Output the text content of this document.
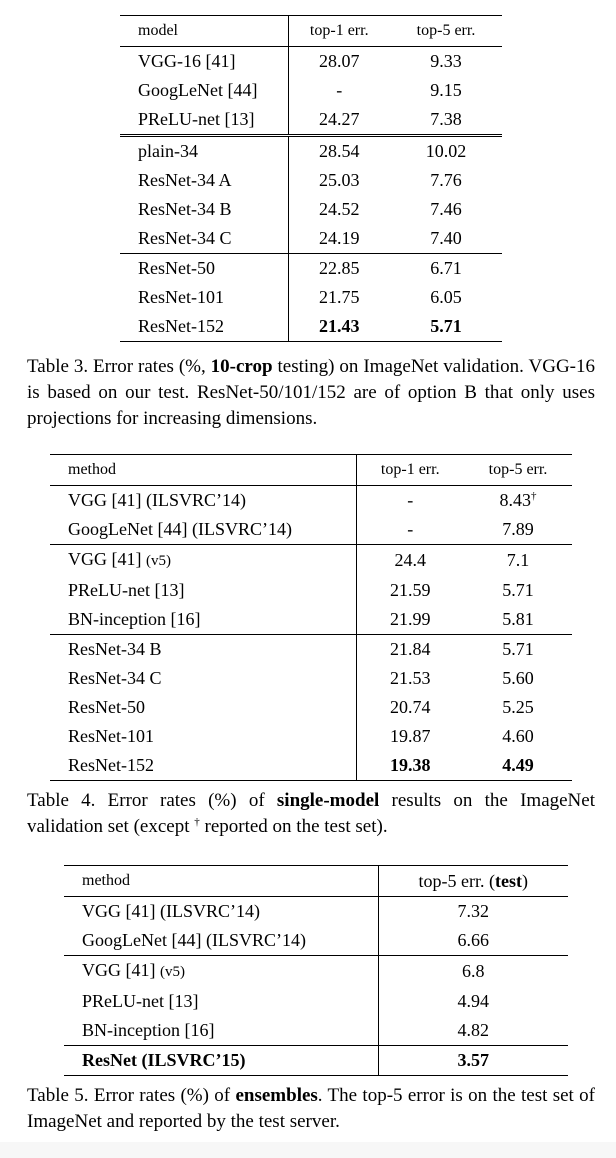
model	top-1 err.	top-5 err.
VGG-16 [41]	28.07	9.33
GoogLeNet [44]	-	9.15
PReLU-net [13]	24.27	7.38
plain-34	28.54	10.02
ResNet-34 A	25.03	7.76
ResNet-34 B	24.52	7.46
ResNet-34 C	24.19	7.40
ResNet-50	22.85	6.71
ResNet-101	21.75	6.05
ResNet-152	21.43	5.71
Table 3. Error rates (%, 10-crop testing) on ImageNet validation. VGG-16 is based on our test. ResNet-50/101/152 are of option B that only uses projections for increasing dimensions.
method	top-1 err.	top-5 err.
VGG [41] (ILSVRC’14)	-	8.43†
GoogLeNet [44] (ILSVRC’14)	-	7.89
VGG [41] (v5)	24.4	7.1
PReLU-net [13]	21.59	5.71
BN-inception [16]	21.99	5.81
ResNet-34 B	21.84	5.71
ResNet-34 C	21.53	5.60
ResNet-50	20.74	5.25
ResNet-101	19.87	4.60
ResNet-152	19.38	4.49
Table 4. Error rates (%) of single-model results on the ImageNet validation set (except † reported on the test set).
method	top-5 err. (test)
VGG [41] (ILSVRC’14)	7.32
GoogLeNet [44] (ILSVRC’14)	6.66
VGG [41] (v5)	6.8
PReLU-net [13]	4.94
BN-inception [16]	4.82
ResNet (ILSVRC’15)	3.57
Table 5. Error rates (%) of ensembles. The top-5 error is on the test set of ImageNet and reported by the test server.
